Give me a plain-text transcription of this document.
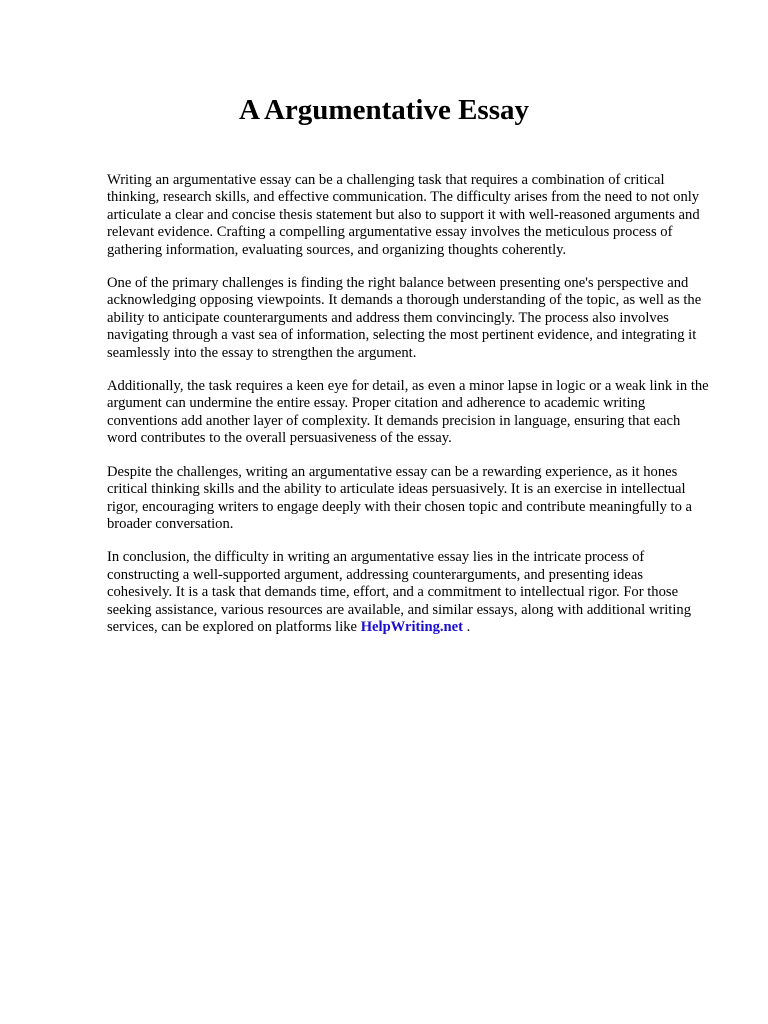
A Argumentative Essay

Writing an argumentative essay can be a challenging task that requires a combination of critical thinking, research skills, and effective communication. The difficulty arises from the need to not only articulate a clear and concise thesis statement but also to support it with well-reasoned arguments and relevant evidence. Crafting a compelling argumentative essay involves the meticulous process of gathering information, evaluating sources, and organizing thoughts coherently.

One of the primary challenges is finding the right balance between presenting one's perspective and acknowledging opposing viewpoints. It demands a thorough understanding of the topic, as well as the ability to anticipate counterarguments and address them convincingly. The process also involves navigating through a vast sea of information, selecting the most pertinent evidence, and integrating it seamlessly into the essay to strengthen the argument.

Additionally, the task requires a keen eye for detail, as even a minor lapse in logic or a weak link in the argument can undermine the entire essay. Proper citation and adherence to academic writing conventions add another layer of complexity. It demands precision in language, ensuring that each word contributes to the overall persuasiveness of the essay.

Despite the challenges, writing an argumentative essay can be a rewarding experience, as it hones critical thinking skills and the ability to articulate ideas persuasively. It is an exercise in intellectual rigor, encouraging writers to engage deeply with their chosen topic and contribute meaningfully to a broader conversation.

In conclusion, the difficulty in writing an argumentative essay lies in the intricate process of constructing a well-supported argument, addressing counterarguments, and presenting ideas cohesively. It is a task that demands time, effort, and a commitment to intellectual rigor. For those seeking assistance, various resources are available, and similar essays, along with additional writing services, can be explored on platforms like HelpWriting.net .
